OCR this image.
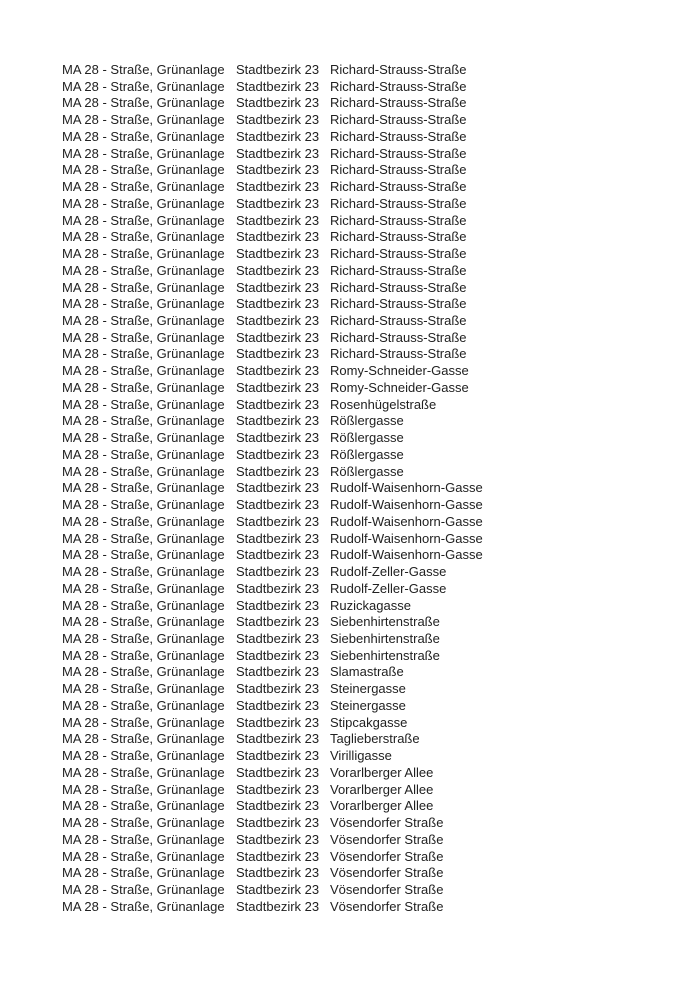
MA 28 - Straße, Grünanlage Stadtbezirk 23 Richard-Strauss-Straße
MA 28 - Straße, Grünanlage Stadtbezirk 23 Richard-Strauss-Straße
MA 28 - Straße, Grünanlage Stadtbezirk 23 Richard-Strauss-Straße
MA 28 - Straße, Grünanlage Stadtbezirk 23 Richard-Strauss-Straße
MA 28 - Straße, Grünanlage Stadtbezirk 23 Richard-Strauss-Straße
MA 28 - Straße, Grünanlage Stadtbezirk 23 Richard-Strauss-Straße
MA 28 - Straße, Grünanlage Stadtbezirk 23 Richard-Strauss-Straße
MA 28 - Straße, Grünanlage Stadtbezirk 23 Richard-Strauss-Straße
MA 28 - Straße, Grünanlage Stadtbezirk 23 Richard-Strauss-Straße
MA 28 - Straße, Grünanlage Stadtbezirk 23 Richard-Strauss-Straße
MA 28 - Straße, Grünanlage Stadtbezirk 23 Richard-Strauss-Straße
MA 28 - Straße, Grünanlage Stadtbezirk 23 Richard-Strauss-Straße
MA 28 - Straße, Grünanlage Stadtbezirk 23 Richard-Strauss-Straße
MA 28 - Straße, Grünanlage Stadtbezirk 23 Richard-Strauss-Straße
MA 28 - Straße, Grünanlage Stadtbezirk 23 Richard-Strauss-Straße
MA 28 - Straße, Grünanlage Stadtbezirk 23 Richard-Strauss-Straße
MA 28 - Straße, Grünanlage Stadtbezirk 23 Richard-Strauss-Straße
MA 28 - Straße, Grünanlage Stadtbezirk 23 Richard-Strauss-Straße
MA 28 - Straße, Grünanlage Stadtbezirk 23 Romy-Schneider-Gasse
MA 28 - Straße, Grünanlage Stadtbezirk 23 Romy-Schneider-Gasse
MA 28 - Straße, Grünanlage Stadtbezirk 23 Rosenhügelstraße
MA 28 - Straße, Grünanlage Stadtbezirk 23 Rößlergasse
MA 28 - Straße, Grünanlage Stadtbezirk 23 Rößlergasse
MA 28 - Straße, Grünanlage Stadtbezirk 23 Rößlergasse
MA 28 - Straße, Grünanlage Stadtbezirk 23 Rößlergasse
MA 28 - Straße, Grünanlage Stadtbezirk 23 Rudolf-Waisenhorn-Gasse
MA 28 - Straße, Grünanlage Stadtbezirk 23 Rudolf-Waisenhorn-Gasse
MA 28 - Straße, Grünanlage Stadtbezirk 23 Rudolf-Waisenhorn-Gasse
MA 28 - Straße, Grünanlage Stadtbezirk 23 Rudolf-Waisenhorn-Gasse
MA 28 - Straße, Grünanlage Stadtbezirk 23 Rudolf-Waisenhorn-Gasse
MA 28 - Straße, Grünanlage Stadtbezirk 23 Rudolf-Zeller-Gasse
MA 28 - Straße, Grünanlage Stadtbezirk 23 Rudolf-Zeller-Gasse
MA 28 - Straße, Grünanlage Stadtbezirk 23 Ruzickagasse
MA 28 - Straße, Grünanlage Stadtbezirk 23 Siebenhirtenstraße
MA 28 - Straße, Grünanlage Stadtbezirk 23 Siebenhirtenstraße
MA 28 - Straße, Grünanlage Stadtbezirk 23 Siebenhirtenstraße
MA 28 - Straße, Grünanlage Stadtbezirk 23 Slamastraße
MA 28 - Straße, Grünanlage Stadtbezirk 23 Steinergasse
MA 28 - Straße, Grünanlage Stadtbezirk 23 Steinergasse
MA 28 - Straße, Grünanlage Stadtbezirk 23 Stipcakgasse
MA 28 - Straße, Grünanlage Stadtbezirk 23 Taglieberstraße
MA 28 - Straße, Grünanlage Stadtbezirk 23 Virilligasse
MA 28 - Straße, Grünanlage Stadtbezirk 23 Vorarlberger Allee
MA 28 - Straße, Grünanlage Stadtbezirk 23 Vorarlberger Allee
MA 28 - Straße, Grünanlage Stadtbezirk 23 Vorarlberger Allee
MA 28 - Straße, Grünanlage Stadtbezirk 23 Vösendorfer Straße
MA 28 - Straße, Grünanlage Stadtbezirk 23 Vösendorfer Straße
MA 28 - Straße, Grünanlage Stadtbezirk 23 Vösendorfer Straße
MA 28 - Straße, Grünanlage Stadtbezirk 23 Vösendorfer Straße
MA 28 - Straße, Grünanlage Stadtbezirk 23 Vösendorfer Straße
MA 28 - Straße, Grünanlage Stadtbezirk 23 Vösendorfer Straße
